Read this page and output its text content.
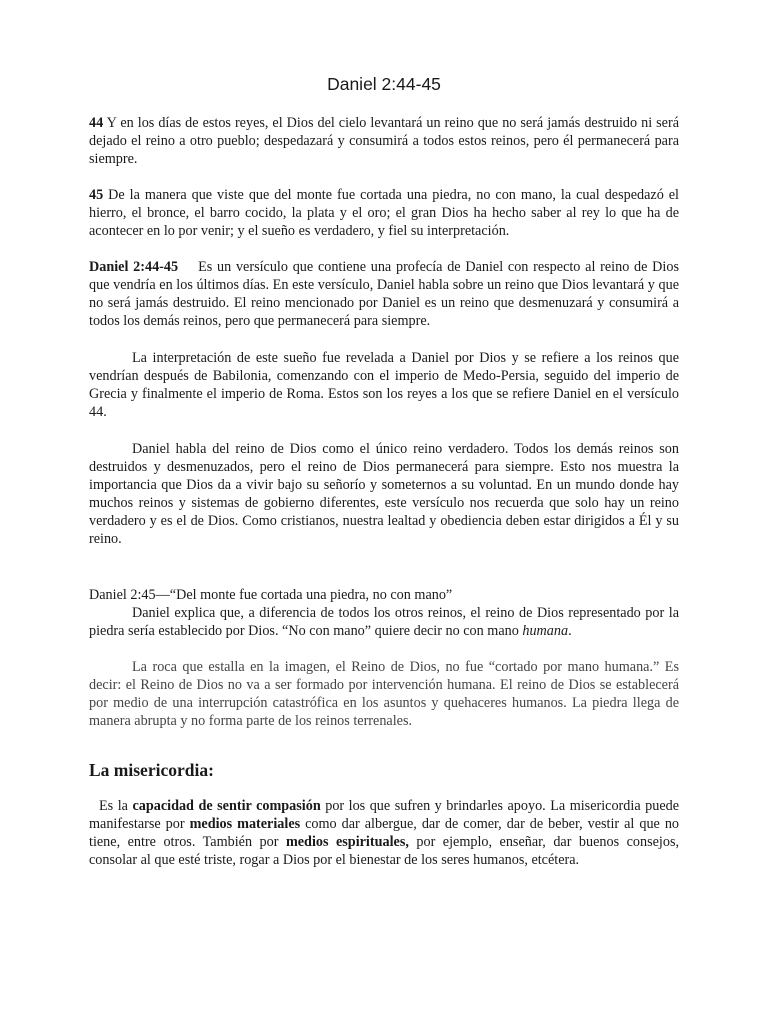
Daniel 2:44-45

44 Y en los días de estos reyes, el Dios del cielo levantará un reino que no será jamás destruido ni será dejado el reino a otro pueblo; despedazará y consumirá a todos estos reinos, pero él permanecerá para siempre.

45 De la manera que viste que del monte fue cortada una piedra, no con mano, la cual despedazó el hierro, el bronce, el barro cocido, la plata y el oro; el gran Dios ha hecho saber al rey lo que ha de acontecer en lo por venir; y el sueño es verdadero, y fiel su interpretación.

Daniel 2:44-45 Es un versículo que contiene una profecía de Daniel con respecto al reino de Dios que vendría en los últimos días. En este versículo, Daniel habla sobre un reino que Dios levantará y que no será jamás destruido. El reino mencionado por Daniel es un reino que desmenuzará y consumirá a todos los demás reinos, pero que permanecerá para siempre.

La interpretación de este sueño fue revelada a Daniel por Dios y se refiere a los reinos que vendrían después de Babilonia, comenzando con el imperio de Medo-Persia, seguido del imperio de Grecia y finalmente el imperio de Roma. Estos son los reyes a los que se refiere Daniel en el versículo 44.

Daniel habla del reino de Dios como el único reino verdadero. Todos los demás reinos son destruidos y desmenuzados, pero el reino de Dios permanecerá para siempre. Esto nos muestra la importancia que Dios da a vivir bajo su señorío y someternos a su voluntad. En un mundo donde hay muchos reinos y sistemas de gobierno diferentes, este versículo nos recuerda que solo hay un reino verdadero y es el de Dios. Como cristianos, nuestra lealtad y obediencia deben estar dirigidos a Él y su reino.

Daniel 2:45—“Del monte fue cortada una piedra, no con mano”

Daniel explica que, a diferencia de todos los otros reinos, el reino de Dios representado por la piedra sería establecido por Dios. “No con mano” quiere decir no con mano humana.

La roca que estalla en la imagen, el Reino de Dios, no fue “cortado por mano humana.” Es decir: el Reino de Dios no va a ser formado por intervención humana. El reino de Dios se establecerá por medio de una interrupción catastrófica en los asuntos y quehaceres humanos. La piedra llega de manera abrupta y no forma parte de los reinos terrenales.

La misericordia:

Es la capacidad de sentir compasión por los que sufren y brindarles apoyo. La misericordia puede manifestarse por medios materiales como dar albergue, dar de comer, dar de beber, vestir al que no tiene, entre otros. También por medios espirituales, por ejemplo, enseñar, dar buenos consejos, consolar al que esté triste, rogar a Dios por el bienestar de los seres humanos, etcétera.
